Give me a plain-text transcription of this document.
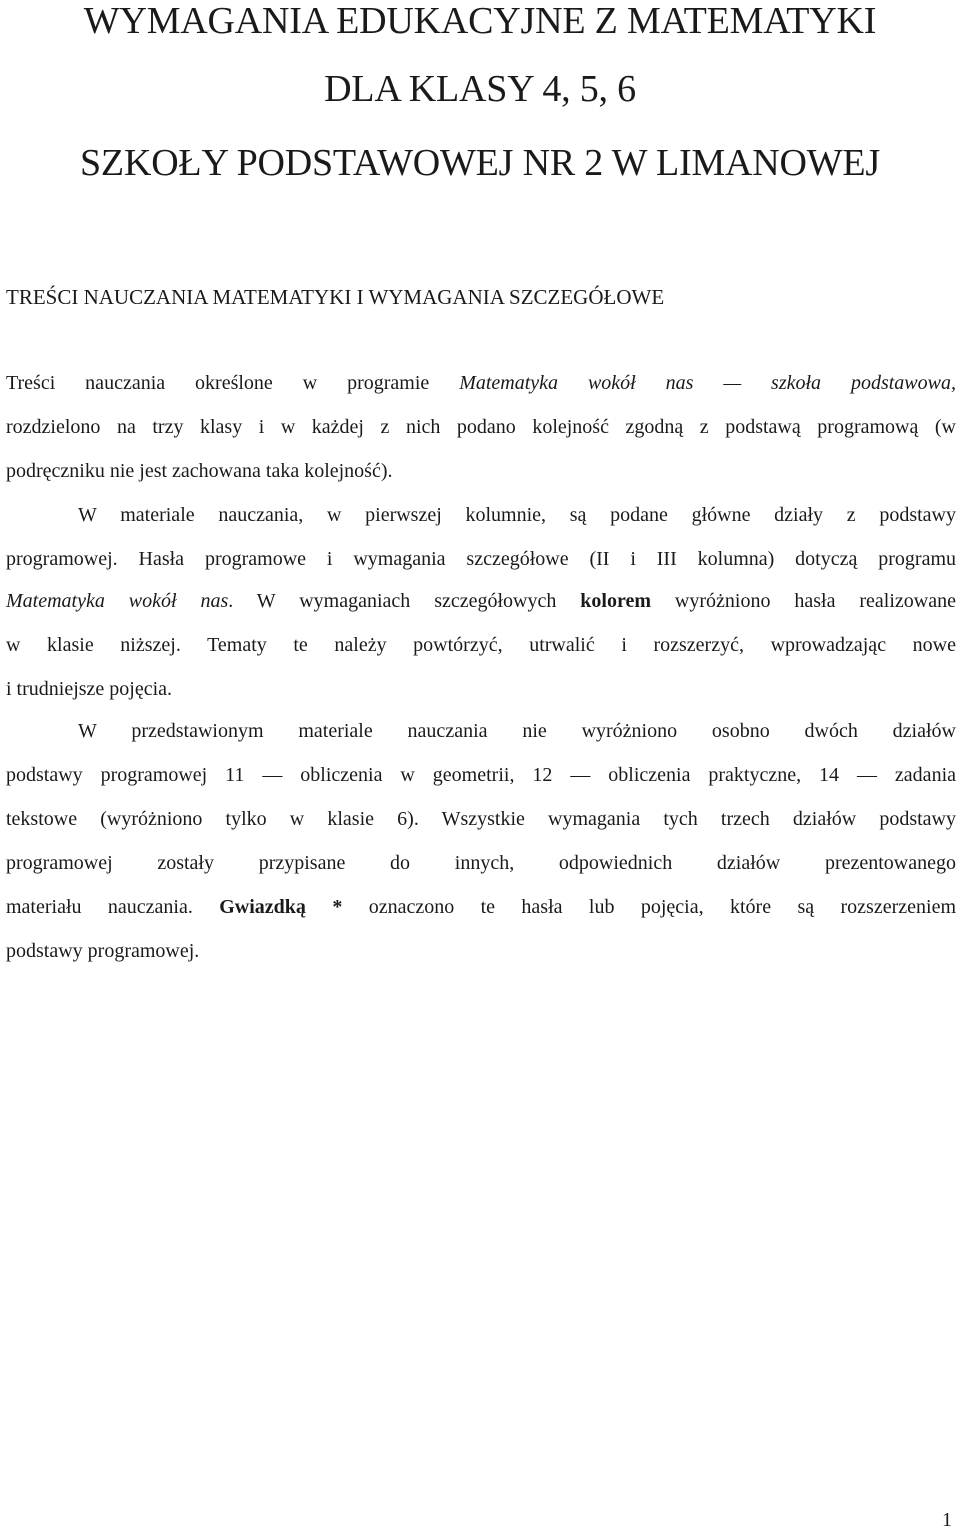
WYMAGANIA EDUKACYJNE Z MATEMATYKI
DLA KLASY 4, 5, 6
SZKOŁY PODSTAWOWEJ NR 2 W LIMANOWEJ
TREŚCI NAUCZANIA MATEMATYKI I WYMAGANIA SZCZEGÓŁOWE
Treści nauczania określone w programie Matematyka wokół nas — szkoła podstawowa,
rozdzielono na trzy klasy i w każdej z nich podano kolejność zgodną z podstawą programową (w
podręczniku nie jest zachowana taka kolejność).
W materiale nauczania, w pierwszej kolumnie, są podane główne działy z podstawy
programowej. Hasła programowe i wymagania szczegółowe (II i III kolumna) dotyczą programu
Matematyka wokół nas. W wymaganiach szczegółowych kolorem wyróżniono hasła realizowane
w klasie niższej. Tematy te należy powtórzyć, utrwalić i rozszerzyć, wprowadzając nowe
i trudniejsze pojęcia.
W przedstawionym materiale nauczania nie wyróżniono osobno dwóch działów
podstawy programowej 11 — obliczenia w geometrii, 12 — obliczenia praktyczne, 14 — zadania
tekstowe (wyróżniono tylko w klasie 6). Wszystkie wymagania tych trzech działów podstawy
programowej zostały przypisane do innych, odpowiednich działów prezentowanego
materiału nauczania. Gwiazdką * oznaczono te hasła lub pojęcia, które są rozszerzeniem
podstawy programowej.
1
